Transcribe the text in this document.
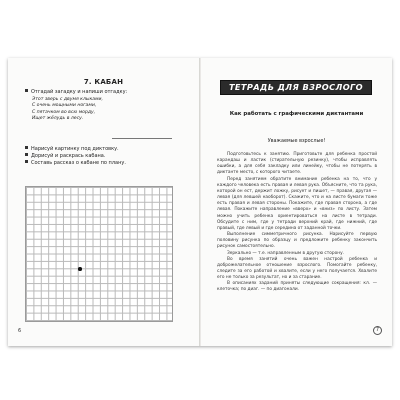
7. КАБАН
Отгадай загадку и напиши отгадку:
Этот зверь с двумя клыками,
С очень мощными ногами,
С пятачком во всю морду,
Ищет жёлудь в лесу.
Нарисуй картинку под диктовку.
Дорисуй и раскрась кабана.
Составь рассказ о кабане по плану.
6
ТЕТРАДЬ ДЛЯ ВЗРОСЛОГО
Как работать с графическими диктантами
Уважаемые взрослые!

Подготовьтесь к занятию. Приготовьте для ребенка простой карандаш и ластик (стирательную резинку), чтобы исправлять ошибки, а для себя закладку или линейку, чтобы не потерять в диктанте место, с которого читаете.

Перед занятием обратите внимание ребенка на то, что у каждого человека есть правая и левая рука. Объясните, что та рука, которой он ест, держит ложку, рисует и пишет, — правая, другая — левая (для левшей наоборот). Скажите, что и на листе бумаги тоже есть правая и левая стороны. Покажите, где правая сторона, а где левая. Покажите направление «вверх» и «вниз» по листу. Затем можно учить ребенка ориентироваться на листе в тетради. Обсудите с ним, где у тетради верхний край, где нижний, где правый, где левый и где середина от заданной точки.

Выполнение симметричного рисунка. Нарисуйте первую половину рисунка по образцу и предложите ребенку закончить рисунок самостоятельно.

Зеркально — т.е. направленным в другую сторону.

Во время занятий очень важен настрой ребенка и доброжелательное отношение взрослого. Помогайте ребенку, следите за его работой и хвалите, если у него получается. Хвалите его не только за результат, но и за старание.

В описаниях заданий приняты следующие сокращения: кл. — клеточка; по диаг. — по диагонали.

7
